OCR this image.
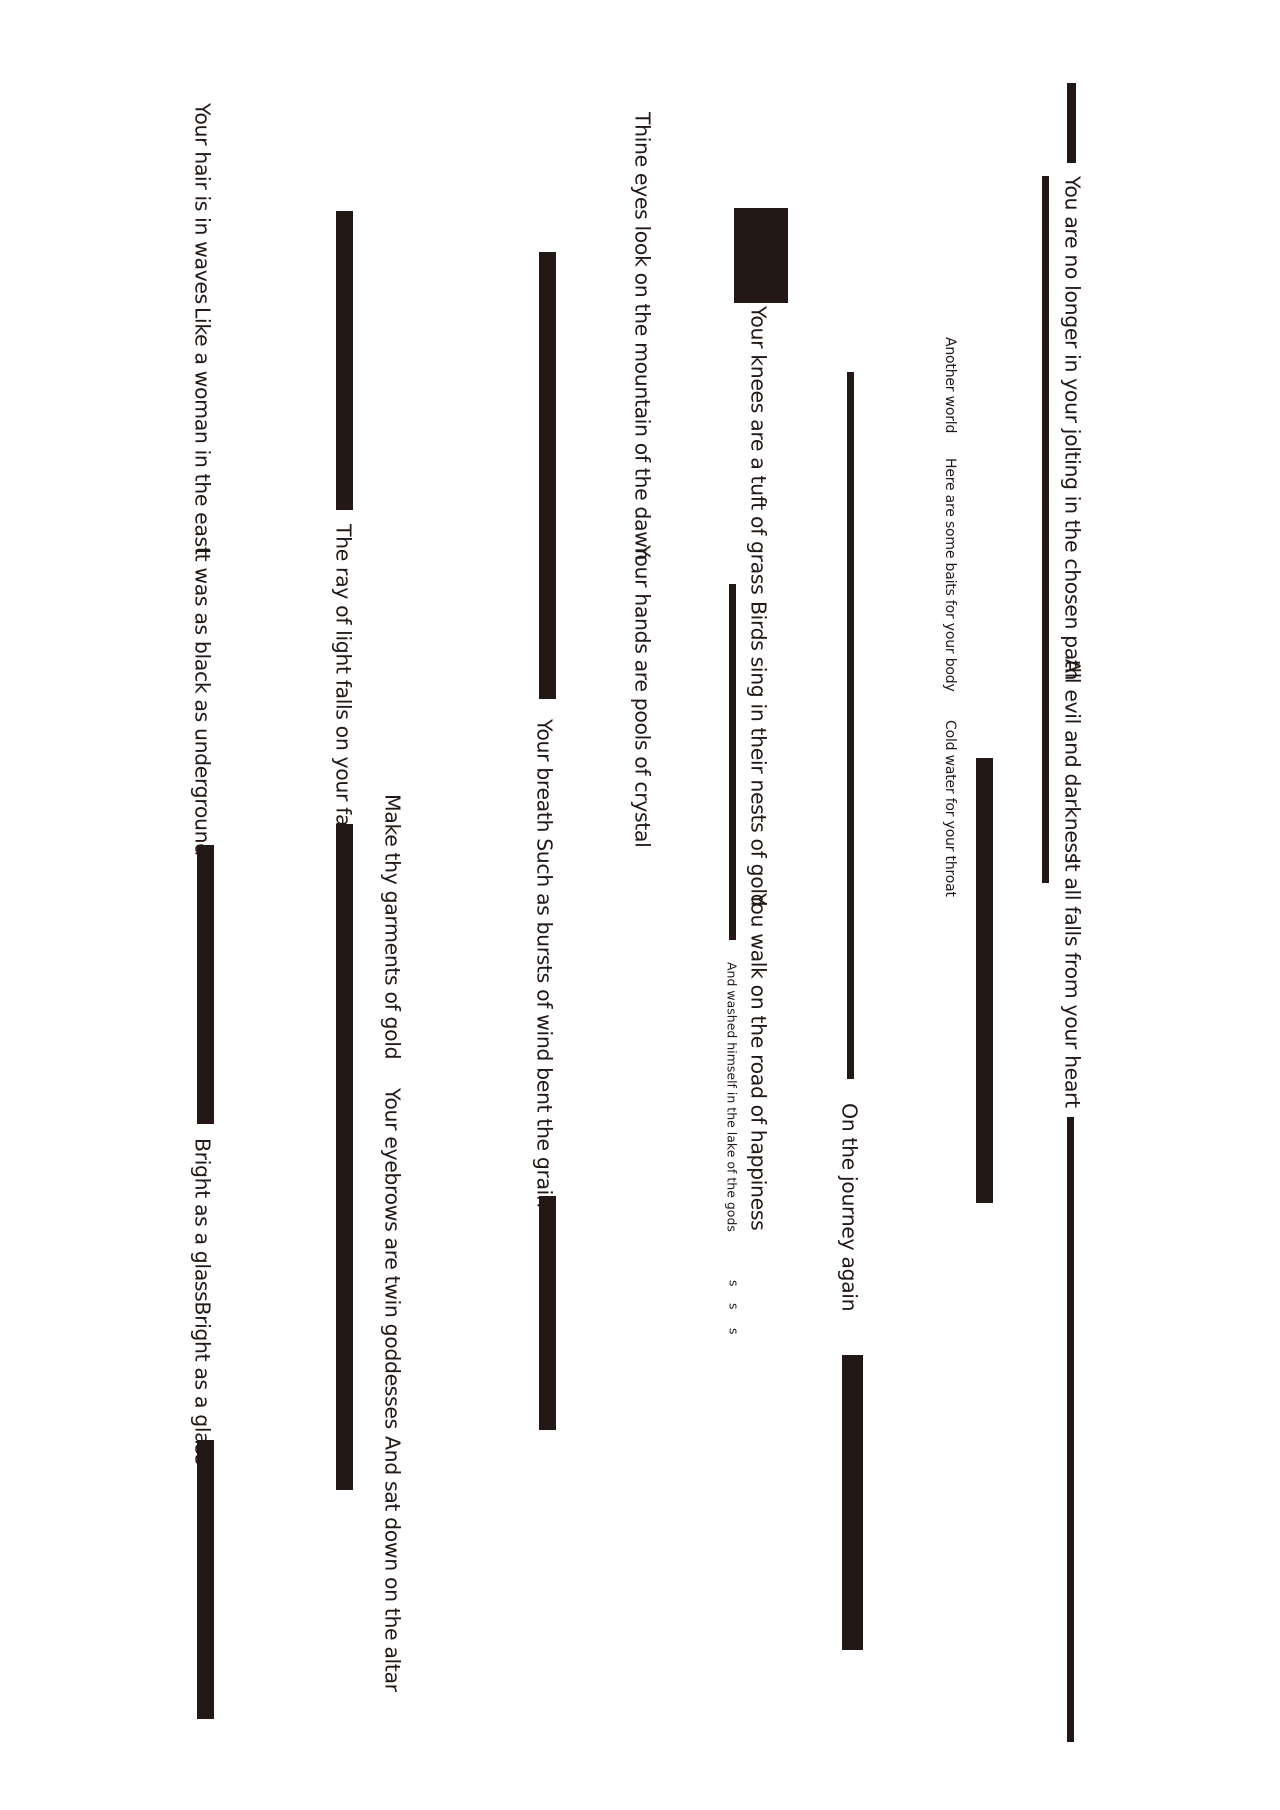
You are no longer in your jolting in the chosen path
All evil and darkness
It all falls from your heart
Another world
Here are some baits for your body
Cold water for your throat
On the journey again
Your knees are a tuft of grass
Birds sing in their nests of gold
You walk on the road of happiness
And washed himself in the lake of the gods
s
s
s
Thine eyes look on the mountain of the dawn
Your hands are pools of crystal
Your breath Such as bursts of wind bent the grain
Make thy garments of gold
Your eyebrows are twin goddesses
And sat down on the altar
The ray of light falls on your face
Your hair is in waves
Like a woman in the east
It was as black as underground
Bright as a glassBright as a glass
